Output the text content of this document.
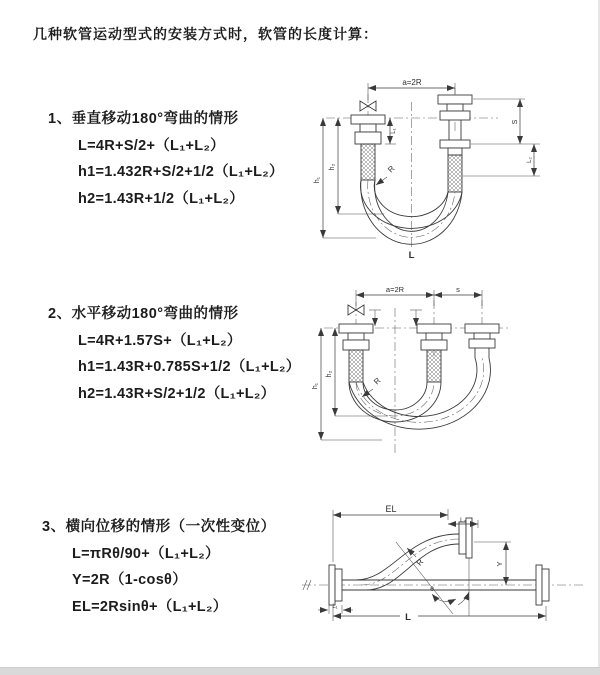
几种软管运动型式的安装方式时，软管的长度计算：
1、垂直移动180°弯曲的情形
L=4R+S/2+（L₁+L₂）
h1=1.432R+S/2+1/2（L₁+L₂）
h2=1.43R+1/2（L₁+L₂）
a=2R
h₁
h₂
L₁
S
L₂
R
L
2、水平移动180°弯曲的情形
L=4R+1.57S+（L₁+L₂）
h1=1.43R+0.785S+1/2（L₁+L₂）
h2=1.43R+S/2+1/2（L₁+L₂）
a=2R	s
h₁
h₂
R
3、横向位移的情形（一次性变位）
L=πRθ/90+（L₁+L₂）
Y=2R（1-cosθ）
EL=2Rsinθ+（L₁+L₂）
θ
R
EL
L₂
Y
L
L₁
